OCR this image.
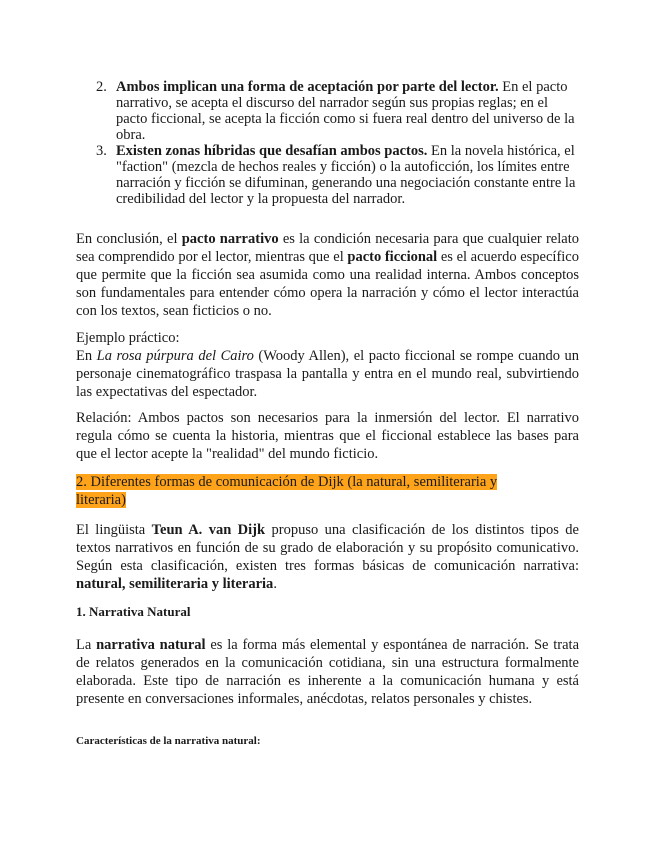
2. Ambos implican una forma de aceptación por parte del lector. En el pacto narrativo, se acepta el discurso del narrador según sus propias reglas; en el pacto ficcional, se acepta la ficción como si fuera real dentro del universo de la obra.

3. Existen zonas híbridas que desafían ambos pactos. En la novela histórica, el "faction" (mezcla de hechos reales y ficción) o la autoficción, los límites entre narración y ficción se difuminan, generando una negociación constante entre la credibilidad del lector y la propuesta del narrador.

En conclusión, el pacto narrativo es la condición necesaria para que cualquier relato sea comprendido por el lector, mientras que el pacto ficcional es el acuerdo específico que permite que la ficción sea asumida como una realidad interna. Ambos conceptos son fundamentales para entender cómo opera la narración y cómo el lector interactúa con los textos, sean ficticios o no.

Ejemplo práctico:
En La rosa púrpura del Cairo (Woody Allen), el pacto ficcional se rompe cuando un personaje cinematográfico traspasa la pantalla y entra en el mundo real, subvirtiendo las expectativas del espectador.

Relación: Ambos pactos son necesarios para la inmersión del lector. El narrativo regula cómo se cuenta la historia, mientras que el ficcional establece las bases para que el lector acepte la "realidad" del mundo ficticio.

2. Diferentes formas de comunicación de Dijk (la natural, semiliteraria y
literaria)

El lingüista Teun A. van Dijk propuso una clasificación de los distintos tipos de textos narrativos en función de su grado de elaboración y su propósito comunicativo. Según esta clasificación, existen tres formas básicas de comunicación narrativa: natural, semiliteraria y literaria.

1. Narrativa Natural

La narrativa natural es la forma más elemental y espontánea de narración. Se trata de relatos generados en la comunicación cotidiana, sin una estructura formalmente elaborada. Este tipo de narración es inherente a la comunicación humana y está presente en conversaciones informales, anécdotas, relatos personales y chistes.

Características de la narrativa natural:
